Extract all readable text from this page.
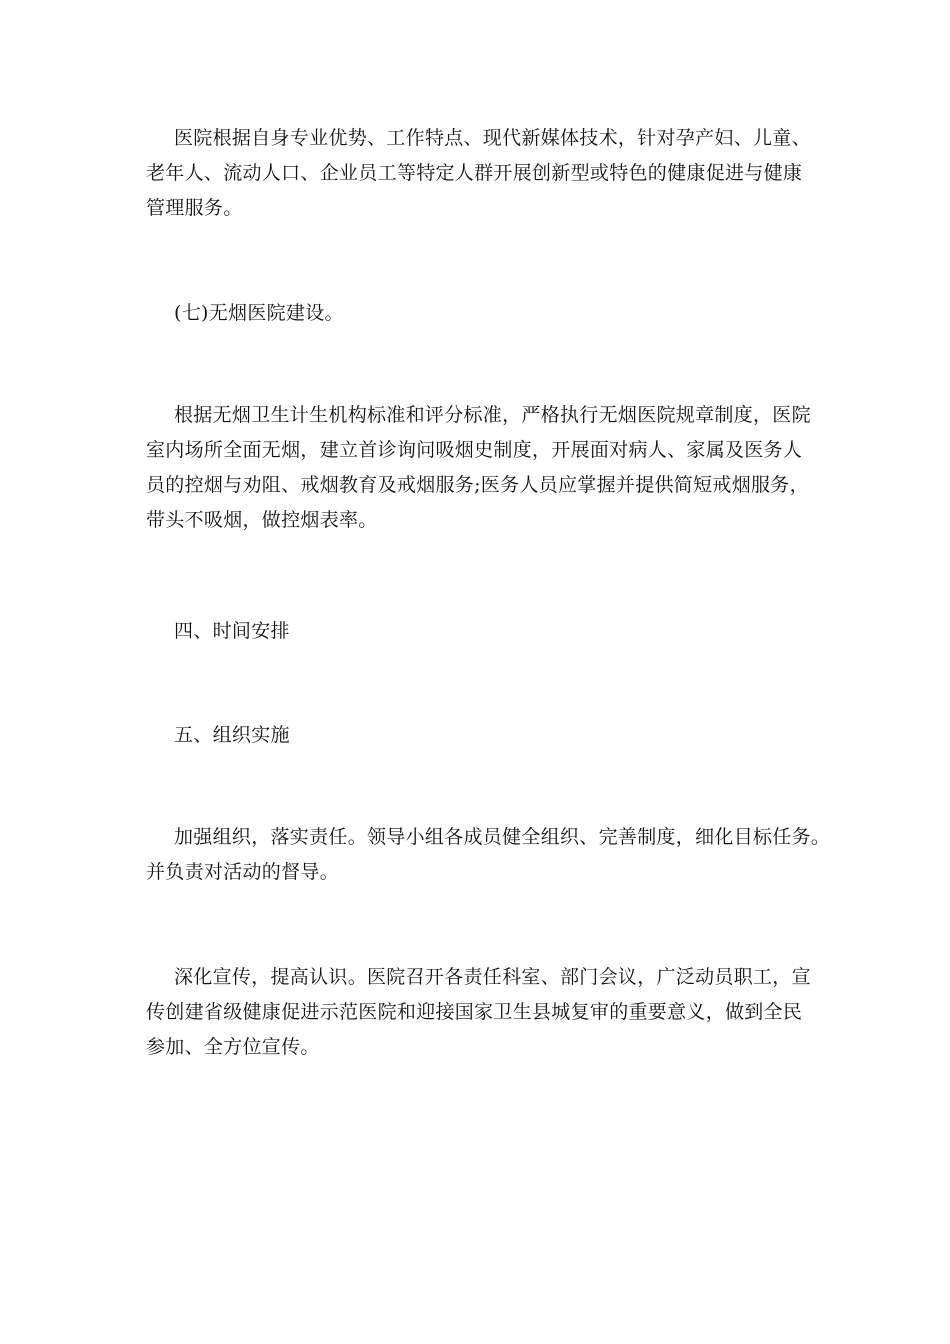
医院根据自身专业优势、工作特点、现代新媒体技术，针对孕产妇、儿童、
老年人、流动人口、企业员工等特定人群开展创新型或特色的健康促进与健康
管理服务。
(七)无烟医院建设。
根据无烟卫生计生机构标准和评分标准，严格执行无烟医院规章制度，医院
室内场所全面无烟，建立首诊询问吸烟史制度，开展面对病人、家属及医务人
员的控烟与劝阻、戒烟教育及戒烟服务;医务人员应掌握并提供简短戒烟服务，
带头不吸烟，做控烟表率。
四、时间安排
五、组织实施
加强组织，落实责任。领导小组各成员健全组织、完善制度，细化目标任务。
并负责对活动的督导。
深化宣传，提高认识。医院召开各责任科室、部门会议，广泛动员职工，宣
传创建省级健康促进示范医院和迎接国家卫生县城复审的重要意义，做到全民
参加、全方位宣传。
